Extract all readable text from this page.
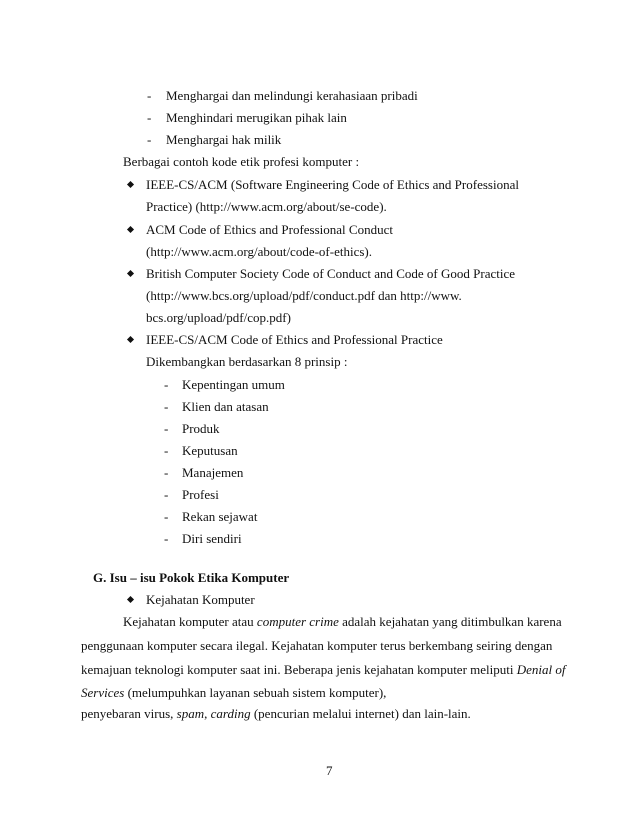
- Menghargai dan melindungi kerahasiaan pribadi
- Menghindari merugikan pihak lain
- Menghargai hak milik
Berbagai contoh kode etik profesi komputer :
IEEE-CS/ACM (Software Engineering Code of Ethics and Professional
Practice) (http://www.acm.org/about/se-code).
ACM Code of Ethics and Professional Conduct
(http://www.acm.org/about/code-of-ethics).
British Computer Society Code of Conduct and Code of Good Practice
(http://www.bcs.org/upload/pdf/conduct.pdf dan http://www.
bcs.org/upload/pdf/cop.pdf)
IEEE-CS/ACM Code of Ethics and Professional Practice
Dikembangkan berdasarkan 8 prinsip :
- Kepentingan umum
- Klien dan atasan
- Produk
- Keputusan
- Manajemen
- Profesi
- Rekan sejawat
- Diri sendiri
G. Isu – isu Pokok Etika Komputer
Kejahatan Komputer
Kejahatan komputer atau computer crime adalah kejahatan yang ditimbulkan karena
penggunaan komputer secara ilegal. Kejahatan komputer terus berkembang seiring dengan
kemajuan teknologi komputer saat ini. Beberapa jenis kejahatan komputer meliputi Denial of
Services (melumpuhkan layanan sebuah sistem komputer),
penyebaran virus, spam, carding (pencurian melalui internet) dan lain-lain.
7
